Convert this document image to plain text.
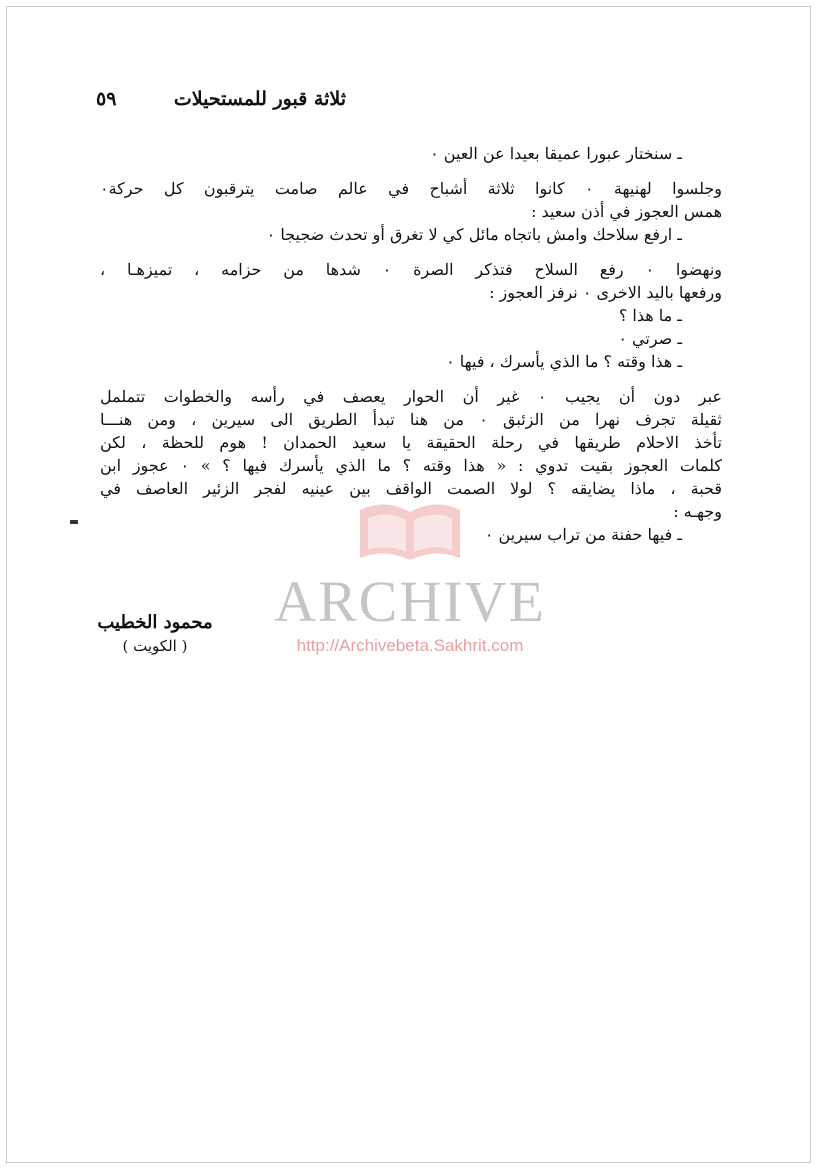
ثلاثة قبور للمستحيلات
٥٩
ـ سنختار عبورا عميقا بعيدا عن العين ٠
وجلسوا لهنيهة ٠ كانوا ثلاثة أشباح في عالم صامت يترقبون كل حركة٠
همس العجوز في أذن سعيد :
ـ ارفع سلاحك وامش باتجاه مائل كي لا تغرق أو تحدث ضجيجا ٠
ونهضوا ٠ رفع السلاح فتذكر الصرة ٠ شدها من حزامه ، تميزهـا ،
ورفعها باليد الاخرى ٠ نرفز العجوز :
ـ ما هذا ؟
ـ صرتي ٠
ـ هذا وقته ؟ ما الذي يأسرك ، فيها ٠
عبر دون أن يجيب ٠ غير أن الحوار يعصف في رأسه والخطوات تتململ
ثقيلة تجرف نهرا من الزئبق ٠ من هنا تبدأ الطريق الى سيرين ، ومن هنـــا
تأخذ الاحلام طريقها في رحلة الحقيقة يا سعيد الحمدان ! هوم للحظة ، لكن
كلمات العجوز بقيت تدوي : « هذا وقته ؟ ما الذي يأسرك فيها ؟ » ٠ عجوز ابن
قحبة ، ماذا يضايقه ؟ لولا الصمت الواقف بين عينيه لفجر الزئير العاصف في
وجهـه :
ـ فيها حفنة من تراب سيرين ٠
محمود الخطيب
( الكويت )
ARCHIVE
http://Archivebeta.Sakhrit.com
